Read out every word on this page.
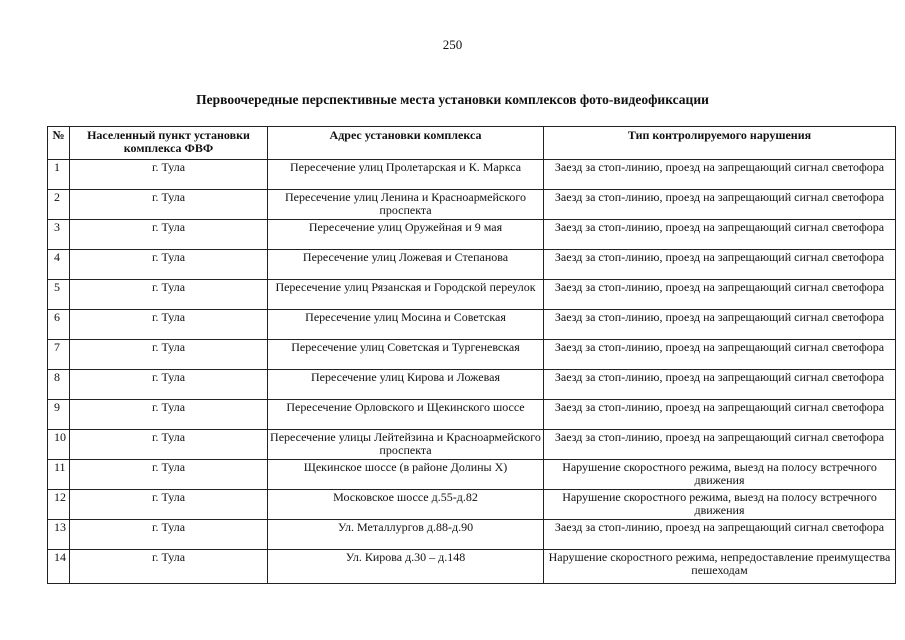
250
Первоочередные перспективные места установки комплексов фото-видеофиксации
№	Населенный пункт установки комплекса ФВФ	Адрес установки комплекса	Тип контролируемого нарушения
1	г. Тула	Пересечение улиц Пролетарская и К. Маркса	Заезд за стоп-линию, проезд на запрещающий сигнал светофора
2	г. Тула	Пересечение улиц Ленина и Красноармейского проспекта	Заезд за стоп-линию, проезд на запрещающий сигнал светофора
3	г. Тула	Пересечение улиц Оружейная и 9 мая	Заезд за стоп-линию, проезд на запрещающий сигнал светофора
4	г. Тула	Пересечение улиц Ложевая и Степанова	Заезд за стоп-линию, проезд на запрещающий сигнал светофора
5	г. Тула	Пересечение улиц Рязанская и Городской переулок	Заезд за стоп-линию, проезд на запрещающий сигнал светофора
6	г. Тула	Пересечение улиц Мосина и Советская	Заезд за стоп-линию, проезд на запрещающий сигнал светофора
7	г. Тула	Пересечение улиц Советская и Тургеневская	Заезд за стоп-линию, проезд на запрещающий сигнал светофора
8	г. Тула	Пересечение улиц Кирова и Ложевая	Заезд за стоп-линию, проезд на запрещающий сигнал светофора
9	г. Тула	Пересечение Орловского и Щекинского шоссе	Заезд за стоп-линию, проезд на запрещающий сигнал светофора
10	г. Тула	Пересечение улицы Лейтейзина и Красноармейского проспекта	Заезд за стоп-линию, проезд на запрещающий сигнал светофора
11	г. Тула	Щекинское шоссе (в районе Долины Х)	Нарушение скоростного режима, выезд на полосу встречного движения
12	г. Тула	Московское шоссе д.55-д.82	Нарушение скоростного режима, выезд на полосу встречного движения
13	г. Тула	Ул. Металлургов д.88-д.90	Заезд за стоп-линию, проезд на запрещающий сигнал светофора
14	г. Тула	Ул. Кирова д.30 – д.148	Нарушение скоростного режима, непредоставление преимущества пешеходам
